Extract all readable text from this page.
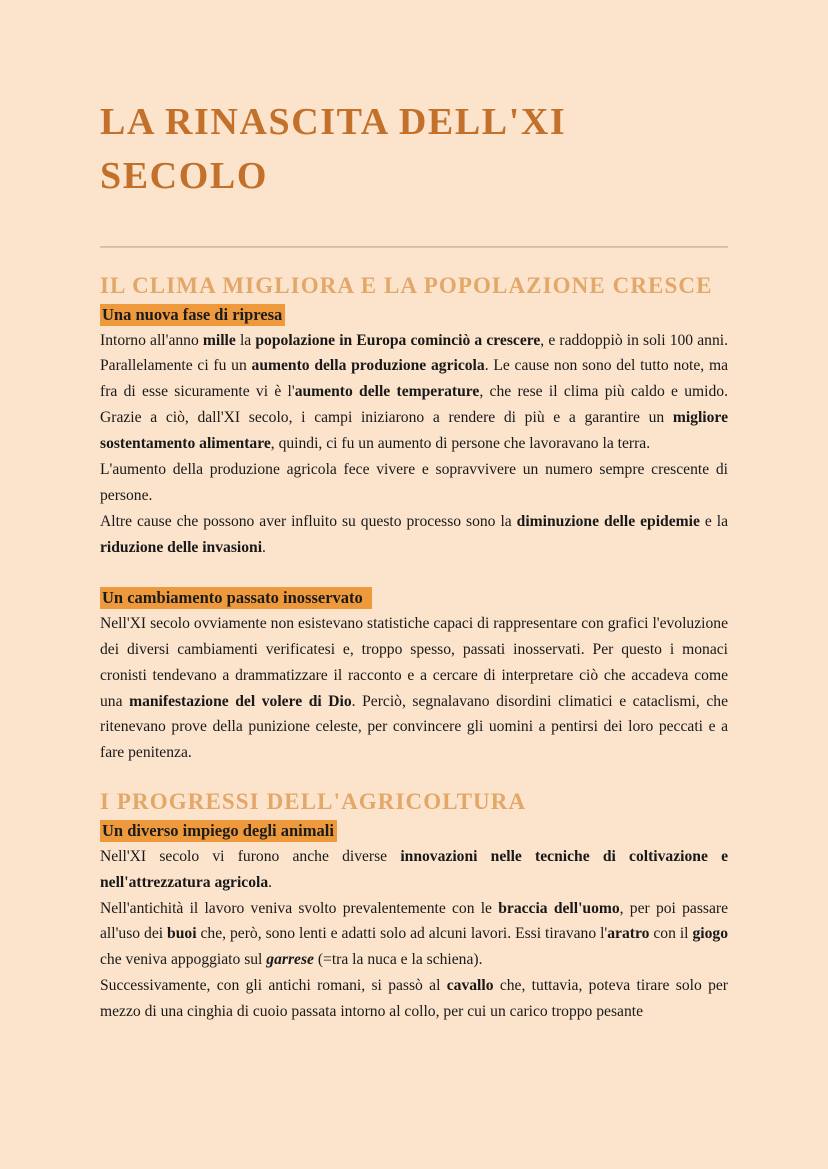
LA RINASCITA DELL'XI SECOLO
IL CLIMA MIGLIORA E LA POPOLAZIONE CRESCE
Una nuova fase di ripresa

Intorno all'anno mille la popolazione in Europa cominciò a crescere, e raddoppiò in soli 100 anni. Parallelamente ci fu un aumento della produzione agricola. Le cause non sono del tutto note, ma fra di esse sicuramente vi è l'aumento delle temperature, che rese il clima più caldo e umido. Grazie a ciò, dall'XI secolo, i campi iniziarono a rendere di più e a garantire un migliore sostentamento alimentare, quindi, ci fu un aumento di persone che lavoravano la terra.

L'aumento della produzione agricola fece vivere e sopravvivere un numero sempre crescente di persone.

Altre cause che possono aver influito su questo processo sono la diminuzione delle epidemie e la riduzione delle invasioni.

Un cambiamento passato inosservato

Nell'XI secolo ovviamente non esistevano statistiche capaci di rappresentare con grafici l'evoluzione dei diversi cambiamenti verificatesi e, troppo spesso, passati inosservati. Per questo i monaci cronisti tendevano a drammatizzare il racconto e a cercare di interpretare ciò che accadeva come una manifestazione del volere di Dio. Perciò, segnalavano disordini climatici e cataclismi, che ritenevano prove della punizione celeste, per convincere gli uomini a pentirsi dei loro peccati e a fare penitenza.

I PROGRESSI DELL'AGRICOLTURA
Un diverso impiego degli animali

Nell'XI secolo vi furono anche diverse innovazioni nelle tecniche di coltivazione e nell'attrezzatura agricola.

Nell'antichità il lavoro veniva svolto prevalentemente con le braccia dell'uomo, per poi passare all'uso dei buoi che, però, sono lenti e adatti solo ad alcuni lavori. Essi tiravano l'aratro con il giogo che veniva appoggiato sul garrese (=tra la nuca e la schiena).

Successivamente, con gli antichi romani, si passò al cavallo che, tuttavia, poteva tirare solo per mezzo di una cinghia di cuoio passata intorno al collo, per cui un carico troppo pesante
